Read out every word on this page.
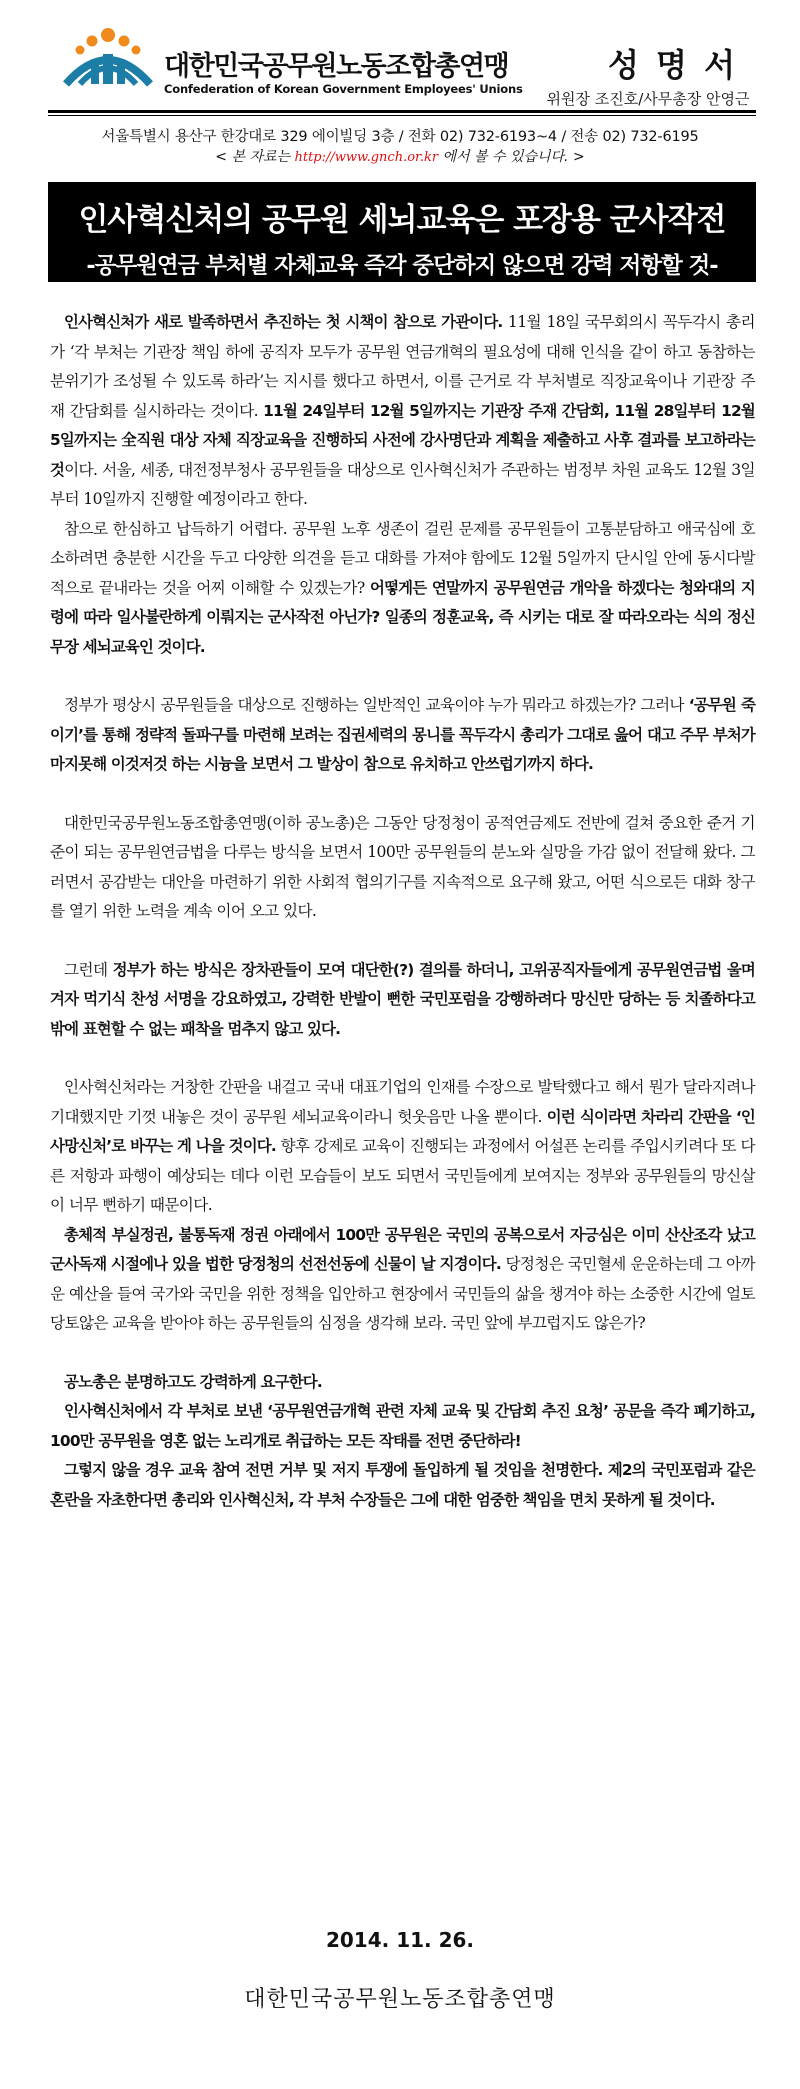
대한민국공무원노동조합총연맹
Confederation of Korean Government Employees' Unions
성 명 서
위원장 조진호/사무총장 안영근
서울특별시 용산구 한강대로 329 에이빌딩 3층 / 전화 02) 732-6193~4 / 전송 02) 732-6195
< 본 자료는 http://www.gnch.or.kr 에서 볼 수 있습니다. >
인사혁신처의 공무원 세뇌교육은 포장용 군사작전
-공무원연금 부처별 자체교육 즉각 중단하지 않으면 강력 저항할 것-

인사혁신처가 새로 발족하면서 추진하는 첫 시책이 참으로 가관이다. 11월 18일 국무회의시 꼭두각시 총리가 ‘각 부처는 기관장 책임 하에 공직자 모두가 공무원 연금개혁의 필요성에 대해 인식을 같이 하고 동참하는 분위기가 조성될 수 있도록 하라’는 지시를 했다고 하면서, 이를 근거로 각 부처별로 직장교육이나 기관장 주재 간담회를 실시하라는 것이다. 11월 24일부터 12월 5일까지는 기관장 주재 간담회, 11월 28일부터 12월 5일까지는 全직원 대상 자체 직장교육을 진행하되 사전에 강사명단과 계획을 제출하고 사후 결과를 보고하라는 것이다. 서울, 세종, 대전정부청사 공무원들을 대상으로 인사혁신처가 주관하는 범정부 차원 교육도 12월 3일부터 10일까지 진행할 예정이라고 한다.

참으로 한심하고 납득하기 어렵다. 공무원 노후 생존이 걸린 문제를 공무원들이 고통분담하고 애국심에 호소하려면 충분한 시간을 두고 다양한 의견을 듣고 대화를 가져야 함에도 12월 5일까지 단시일 안에 동시다발적으로 끝내라는 것을 어찌 이해할 수 있겠는가? 어떻게든 연말까지 공무원연금 개악을 하겠다는 청와대의 지령에 따라 일사불란하게 이뤄지는 군사작전 아닌가? 일종의 정훈교육, 즉 시키는 대로 잘 따라오라는 식의 정신무장 세뇌교육인 것이다.

정부가 평상시 공무원들을 대상으로 진행하는 일반적인 교육이야 누가 뭐라고 하겠는가? 그러나 ‘공무원 죽이기’를 통해 정략적 돌파구를 마련해 보려는 집권세력의 몽니를 꼭두각시 총리가 그대로 읊어 대고 주무 부처가 마지못해 이것저것 하는 시늉을 보면서 그 발상이 참으로 유치하고 안쓰럽기까지 하다.

대한민국공무원노동조합총연맹(이하 공노총)은 그동안 당정청이 공적연금제도 전반에 걸쳐 중요한 준거 기준이 되는 공무원연금법을 다루는 방식을 보면서 100만 공무원들의 분노와 실망을 가감 없이 전달해 왔다. 그러면서 공감받는 대안을 마련하기 위한 사회적 협의기구를 지속적으로 요구해 왔고, 어떤 식으로든 대화 창구를 열기 위한 노력을 계속 이어 오고 있다.

그런데 정부가 하는 방식은 장차관들이 모여 대단한(?) 결의를 하더니, 고위공직자들에게 공무원연금법 울며 겨자 먹기식 찬성 서명을 강요하였고, 강력한 반발이 뻔한 국민포럼을 강행하려다 망신만 당하는 등 치졸하다고 밖에 표현할 수 없는 패착을 멈추지 않고 있다.

인사혁신처라는 거창한 간판을 내걸고 국내 대표기업의 인재를 수장으로 발탁했다고 해서 뭔가 달라지려나 기대했지만 기껏 내놓은 것이 공무원 세뇌교육이라니 헛웃음만 나올 뿐이다. 이런 식이라면 차라리 간판을 ‘인사망신처’로 바꾸는 게 나을 것이다. 향후 강제로 교육이 진행되는 과정에서 어설픈 논리를 주입시키려다 또 다른 저항과 파행이 예상되는 데다 이런 모습들이 보도 되면서 국민들에게 보여지는 정부와 공무원들의 망신살이 너무 뻔하기 때문이다.

총체적 부실정권, 불통독재 정권 아래에서 100만 공무원은 국민의 공복으로서 자긍심은 이미 산산조각 났고 군사독재 시절에나 있을 법한 당정청의 선전선동에 신물이 날 지경이다. 당정청은 국민혈세 운운하는데 그 아까운 예산을 들여 국가와 국민을 위한 정책을 입안하고 현장에서 국민들의 삶을 챙겨야 하는 소중한 시간에 얼토당토않은 교육을 받아야 하는 공무원들의 심정을 생각해 보라. 국민 앞에 부끄럽지도 않은가?

공노총은 분명하고도 강력하게 요구한다.

인사혁신처에서 각 부처로 보낸 ‘공무원연금개혁 관련 자체 교육 및 간담회 추진 요청’ 공문을 즉각 폐기하고, 100만 공무원을 영혼 없는 노리개로 취급하는 모든 작태를 전면 중단하라!

그렇지 않을 경우 교육 참여 전면 거부 및 저지 투쟁에 돌입하게 될 것임을 천명한다. 제2의 국민포럼과 같은 혼란을 자초한다면 총리와 인사혁신처, 각 부처 수장들은 그에 대한 엄중한 책임을 면치 못하게 될 것이다.

2014. 11. 26.
대한민국공무원노동조합총연맹
